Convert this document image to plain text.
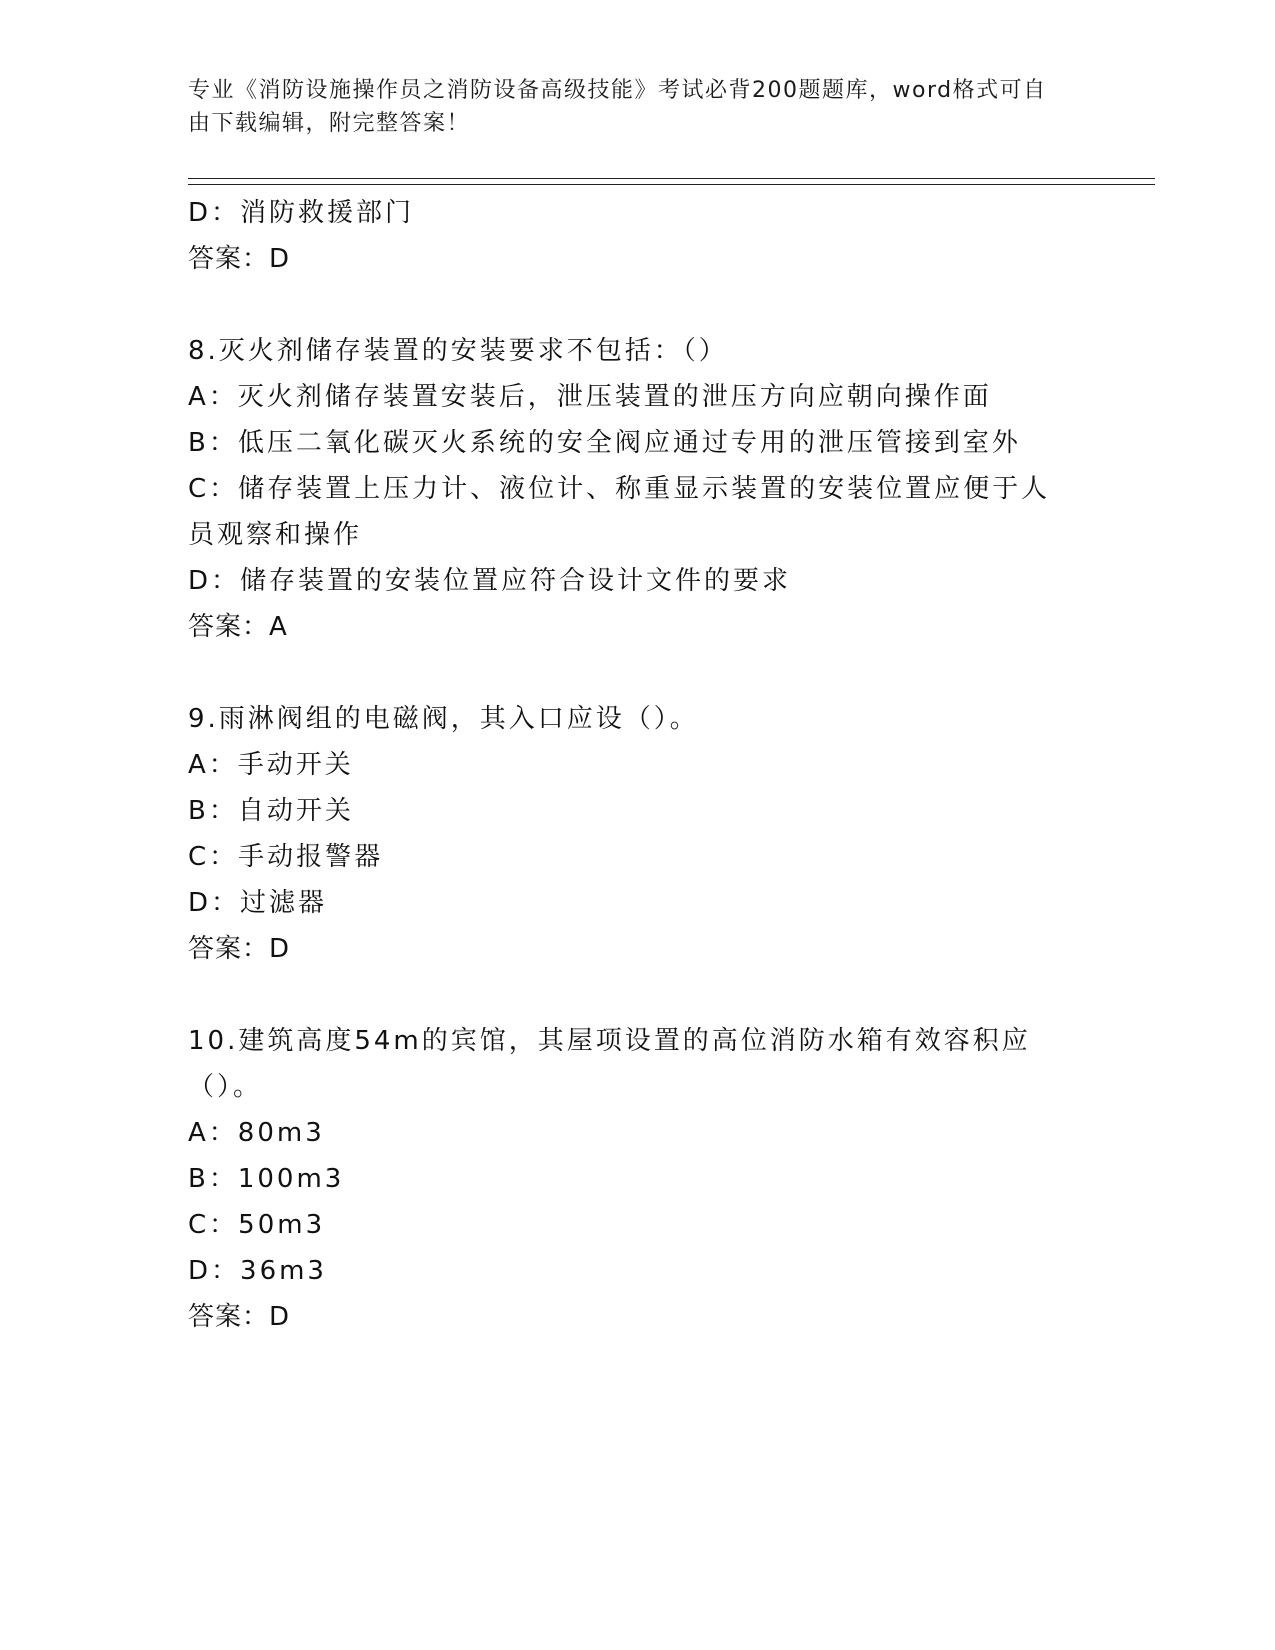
专业《消防设施操作员之消防设备高级技能》考试必背200题题库，word格式可自由下载编辑，附完整答案！
D：消防救援部门
答案：D
8.灭火剂储存装置的安装要求不包括：（）
A：灭火剂储存装置安装后，泄压装置的泄压方向应朝向操作面
B：低压二氧化碳灭火系统的安全阀应通过专用的泄压管接到室外
C：储存装置上压力计、液位计、称重显示装置的安装位置应便于人员观察和操作
D：储存装置的安装位置应符合设计文件的要求
答案：A
9.雨淋阀组的电磁阀，其入口应设（）。
A：手动开关
B：自动开关
C：手动报警器
D：过滤器
答案：D
10.建筑高度54m的宾馆，其屋项设置的高位消防水箱有效容积应（）。
A：80m3
B：100m3
C：50m3
D：36m3
答案：D
